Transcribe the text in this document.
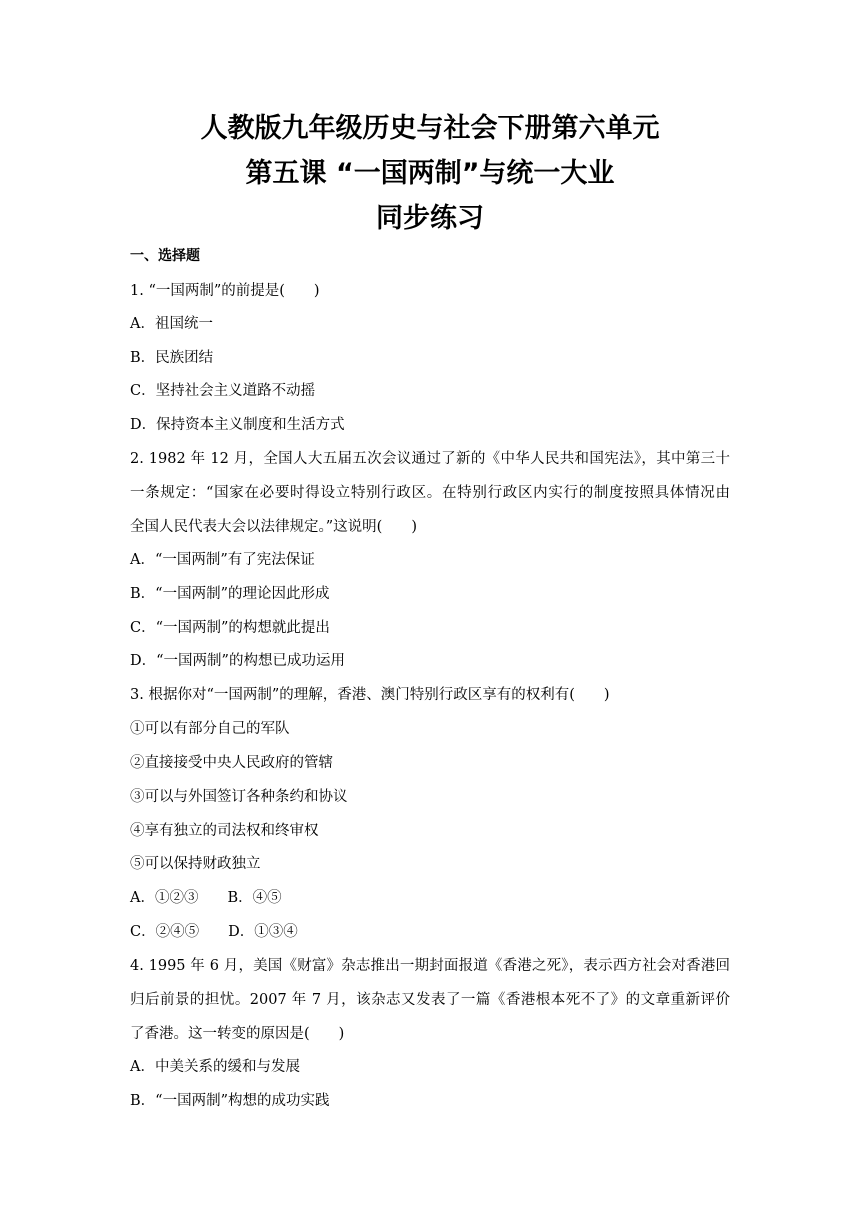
人教版九年级历史与社会下册第六单元
第五课 “一国两制”与统一大业
同步练习
一、选择题
1. “一国两制”的前提是(　　)
A．祖国统一
B．民族团结
C．坚持社会主义道路不动摇
D．保持资本主义制度和生活方式
2. 1982 年 12 月，全国人大五届五次会议通过了新的《中华人民共和国宪法》，其中第三十
一条规定：“国家在必要时得设立特别行政区。在特别行政区内实行的制度按照具体情况由
全国人民代表大会以法律规定。”这说明(　　)
A．“一国两制”有了宪法保证
B．“一国两制”的理论因此形成
C．“一国两制”的构想就此提出
D．“一国两制”的构想已成功运用
3. 根据你对“一国两制”的理解，香港、澳门特别行政区享有的权利有(　　)
①可以有部分自己的军队
②直接接受中央人民政府的管辖
③可以与外国签订各种条约和协议
④享有独立的司法权和终审权
⑤可以保持财政独立
A．①②③　　B．④⑤
C．②④⑤　　D．①③④
4. 1995 年 6 月，美国《财富》杂志推出一期封面报道《香港之死》，表示西方社会对香港回
归后前景的担忧。2007 年 7 月，该杂志又发表了一篇《香港根本死不了》的文章重新评价
了香港。这一转变的原因是(　　)
A．中美关系的缓和与发展
B．“一国两制”构想的成功实践
